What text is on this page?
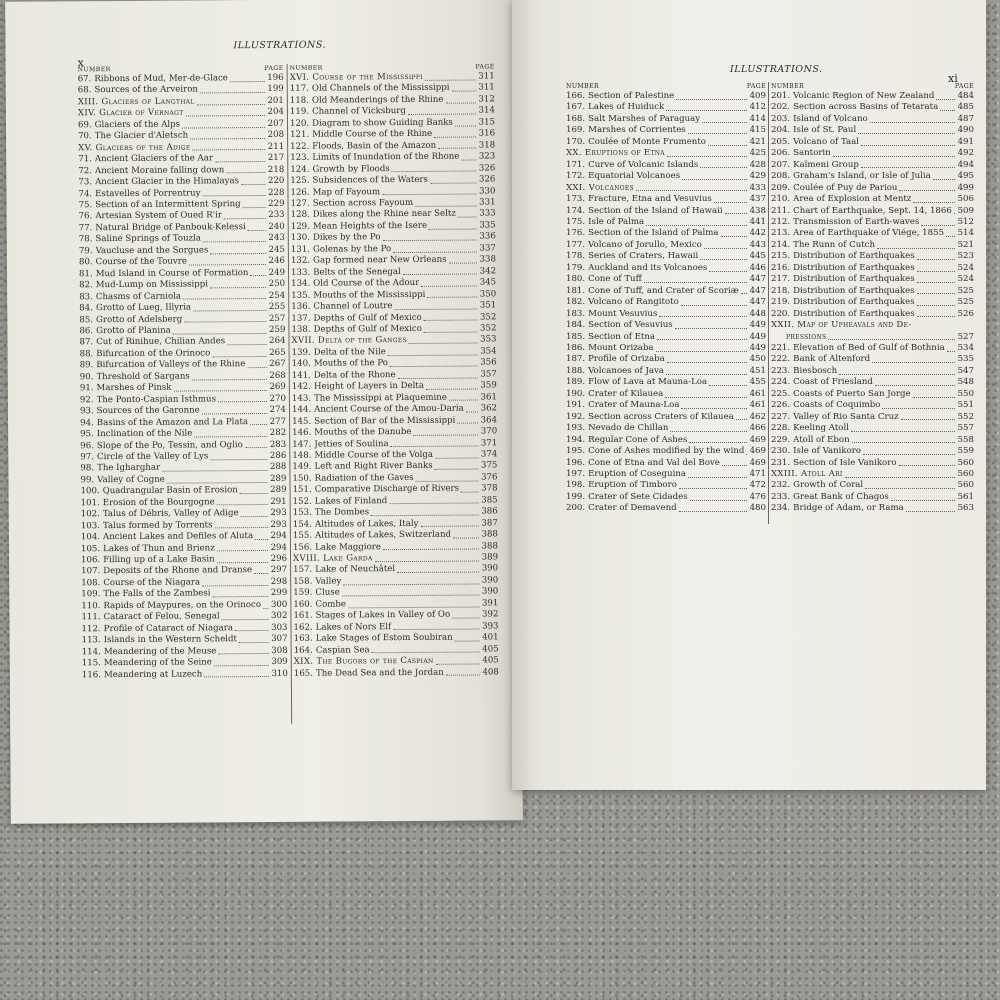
ILLUSTRATIONS.
x
NUMBER	PAGE
67. Ribbons of Mud, Mer-de-Glace	196
68. Sources of the Arveiron	199
XIII. Glaciers of Langthal	201
XIV. Glacier of Vernagt	204
69. Glaciers of the Alps	207
70. The Glacier d'Aletsch	208
XV. Glaciers of the Adige	211
71. Ancient Glaciers of the Aar	217
72. Ancient Moraine falling down	218
73. Ancient Glacier in the Himalayas	220
74. Estavelles of Porrentruy	228
75. Section of an Intermittent Spring	229
76. Artesian System of Oued R'ir	233
77. Natural Bridge of Panbouk-Kelessi	240
78. Saline Springs of Touzla	243
79. Vaucluse and the Sorgues	245
80. Course of the Touvre	246
81. Mud Island in Course of Formation 249
82. Mud-Lump on Mississippi	250
83. Chasms of Carniola	254
84. Grotto of Lueg, Illyria	255
85. Grotto of Adelsberg	257
86. Grotto of Planina	259
87. Cut of Rinihue, Chilian Andes	264
88. Bifurcation of the Orinoco	265
89. Bifurcation of Valleys of the Rhine	267
90. Threshold of Sargans	268
91. Marshes of Pinsk	269
92. The Ponto-Caspian Isthmus	270
93. Sources of the Garonne	274
94. Basins of the Amazon and La Plata	277
95. Inclination of the Nile	282
96. Slope of the Po, Tessin, and Oglio	283
97. Circle of the Valley of Lys	286
98. The Igharghar	288
99. Valley of Cogne	289
100. Quadrangular Basin of Erosion	289
101. Erosion of the Bourgogne	291
102. Talus of Débris, Valley of Adige	293
103. Talus formed by Torrents	293
104. Ancient Lakes and Defiles of Aluta 294
105. Lakes of Thun and Brienz	294
106. Filling up of a Lake Basin	296
107. Deposits of the Rhone and Dranse 297
108. Course of the Niagara	298
109. The Falls of the Zambesi	299
110. Rapids of Maypures, on the Orinoco 300
111. Cataract of Felou, Senegal	302
112. Profile of Cataract of Niagara	303
113. Islands in the Western Scheldt	307
114. Meandering of the Meuse	308
115. Meandering of the Seine	309
116. Meandering at Luzech	310
NUMBER	PAGE
XVI. Course of the Mississippi	311
117. Old Channels of the Mississippi	311
118. Old Meanderings of the Rhine	312
119. Channel of Vicksburg	314
120. Diagram to show Guiding Banks	315
121. Middle Course of the Rhine	316
122. Floods, Basin of the Amazon	318
123. Limits of Inundation of the Rhone 323
124. Growth by Floods	326
125. Subsidences of the Waters	326
126. Map of Fayoum	330
127. Section across Fayoum	331
128. Dikes along the Rhine near Seltz	333
129. Mean Heights of the Isere	335
130. Dikes by the Po	336
131. Golenas by the Po	337
132. Gap formed near New Orleans	338
133. Belts of the Senegal	342
134. Old Course of the Adour	345
135. Mouths of the Mississippi	350
136. Channel of Loutre	351
137. Depths of Gulf of Mexico	352
138. Depths of Gulf of Mexico	352
XVII. Delta of the Ganges	353
139. Delta of the Nile	354
140. Mouths of the Po	356
141. Delta of the Rhone	357
142. Height of Layers in Delta	359
143. The Mississippi at Plaquemine	361
144. Ancient Course of the Amou-Daria 362
145. Section of Bar of the Mississippi	364
146. Mouths of the Danube	370
147. Jetties of Soulina	371
148. Middle Course of the Volga	374
149. Left and Right River Banks	375
150. Radiation of the Gaves	376
151. Comparative Discharge of Rivers	378
152. Lakes of Finland	385
153. The Dombes	386
154. Altitudes of Lakes, Italy	387
155. Altitudes of Lakes, Switzerland	388
156. Lake Maggiore	388
XVIII. Lake Garda	389
157. Lake of Neuchâtel	390
158. Valley	390
159. Cluse	390
160. Combe	391
161. Stages of Lakes in Valley of Oo	392
162. Lakes of Nors Elf	393
163. Lake Stages of Estom Soubiran	401
164. Caspian Sea	405
XIX. The Bugors of the Caspian	405
165. The Dead Sea and the Jordan	408
ILLUSTRATIONS.
xi
NUMBER	PAGE
166. Section of Palestine	409
167. Lakes of Huiduck	412
168. Salt Marshes of Paraguay	414
169. Marshes of Corrientes	415
170. Coulée of Monte Frumento	421
XX. Eruptions of Etna	425
171. Curve of Volcanic Islands	428
172. Equatorial Volcanoes	429
XXI. Volcanoes	433
173. Fracture, Etna and Vesuvius	437
174. Section of the Island of Hawaii	438
175. Isle of Palma	441
176. Section of the Island of Palma	442
177. Volcano of Jorullo, Mexico	443
178. Series of Craters, Hawaii	445
179. Auckland and its Volcanoes	446
180. Cone of Tuff	447
181. Cone of Tuff, and Crater of Scoriæ 447
182. Volcano of Rangitoto	447
183. Mount Vesuvius	448
184. Section of Vesuvius	449
185. Section of Etna	449
186. Mount Orizaba	449
187. Profile of Orizaba	450
188. Volcanoes of Java	451
189. Flow of Lava at Mauna-Loa	455
190. Crater of Kilauea	461
191. Crater of Mauna-Loa	461
192. Section across Craters of Kilauea 462
193. Nevado de Chillan	466
194. Regular Cone of Ashes	469
195. Cone of Ashes modified by the wind 469
196. Cone of Etna and Val del Bove	469
197. Eruption of Coseguina	471
198. Eruption of Timboro	472
199. Crater of Sete Cidades	476
200. Crater of Demavend	480
NUMBER	PAGE
201. Volcanic Region of New Zealand	484
202. Section across Basins of Tetarata 485
203. Island of Volcano	487
204. Isle of St. Paul	490
205. Volcano of Taal	491
206. Santorin	492
207. Kaïmeni Group	494
208. Graham's Island, or Isle of Julia	495
209. Coulée of Puy de Pariou	499
210. Area of Explosion at Mentz	506
211. Chart of Earthquake, Sept. 14, 1866 509
212. Transmission of Earth-waves	512
213. Area of Earthquake of Viége, 1855 514
214. The Runn of Cutch	521
215. Distribution of Earthquakes	523
216. Distribution of Earthquakes	524
217. Distribution of Earthquakes	524
218. Distribution of Earthquakes	525
219. Distribution of Earthquakes	525
220. Distribution of Earthquakes	526
XXII. Map of Upheavals and De-
pressions	527
221. Elevation of Bed of Gulf of Bothnia 534
222. Bank of Altenford	535
223. Biesbosch	547
224. Coast of Friesland	548
225. Coasts of Puerto San Jorge	550
226. Coasts of Coquimbo	551
227. Valley of Rio Santa Cruz	552
228. Keeling Atoll	557
229. Atoll of Ebon	558
230. Isle of Vanikoro	559
231. Section of Isle Vanikoro	560
XXIII. Atoll Ari	560
232. Growth of Coral	560
233. Great Bank of Chagos	561
234. Bridge of Adam, or Rama	563
